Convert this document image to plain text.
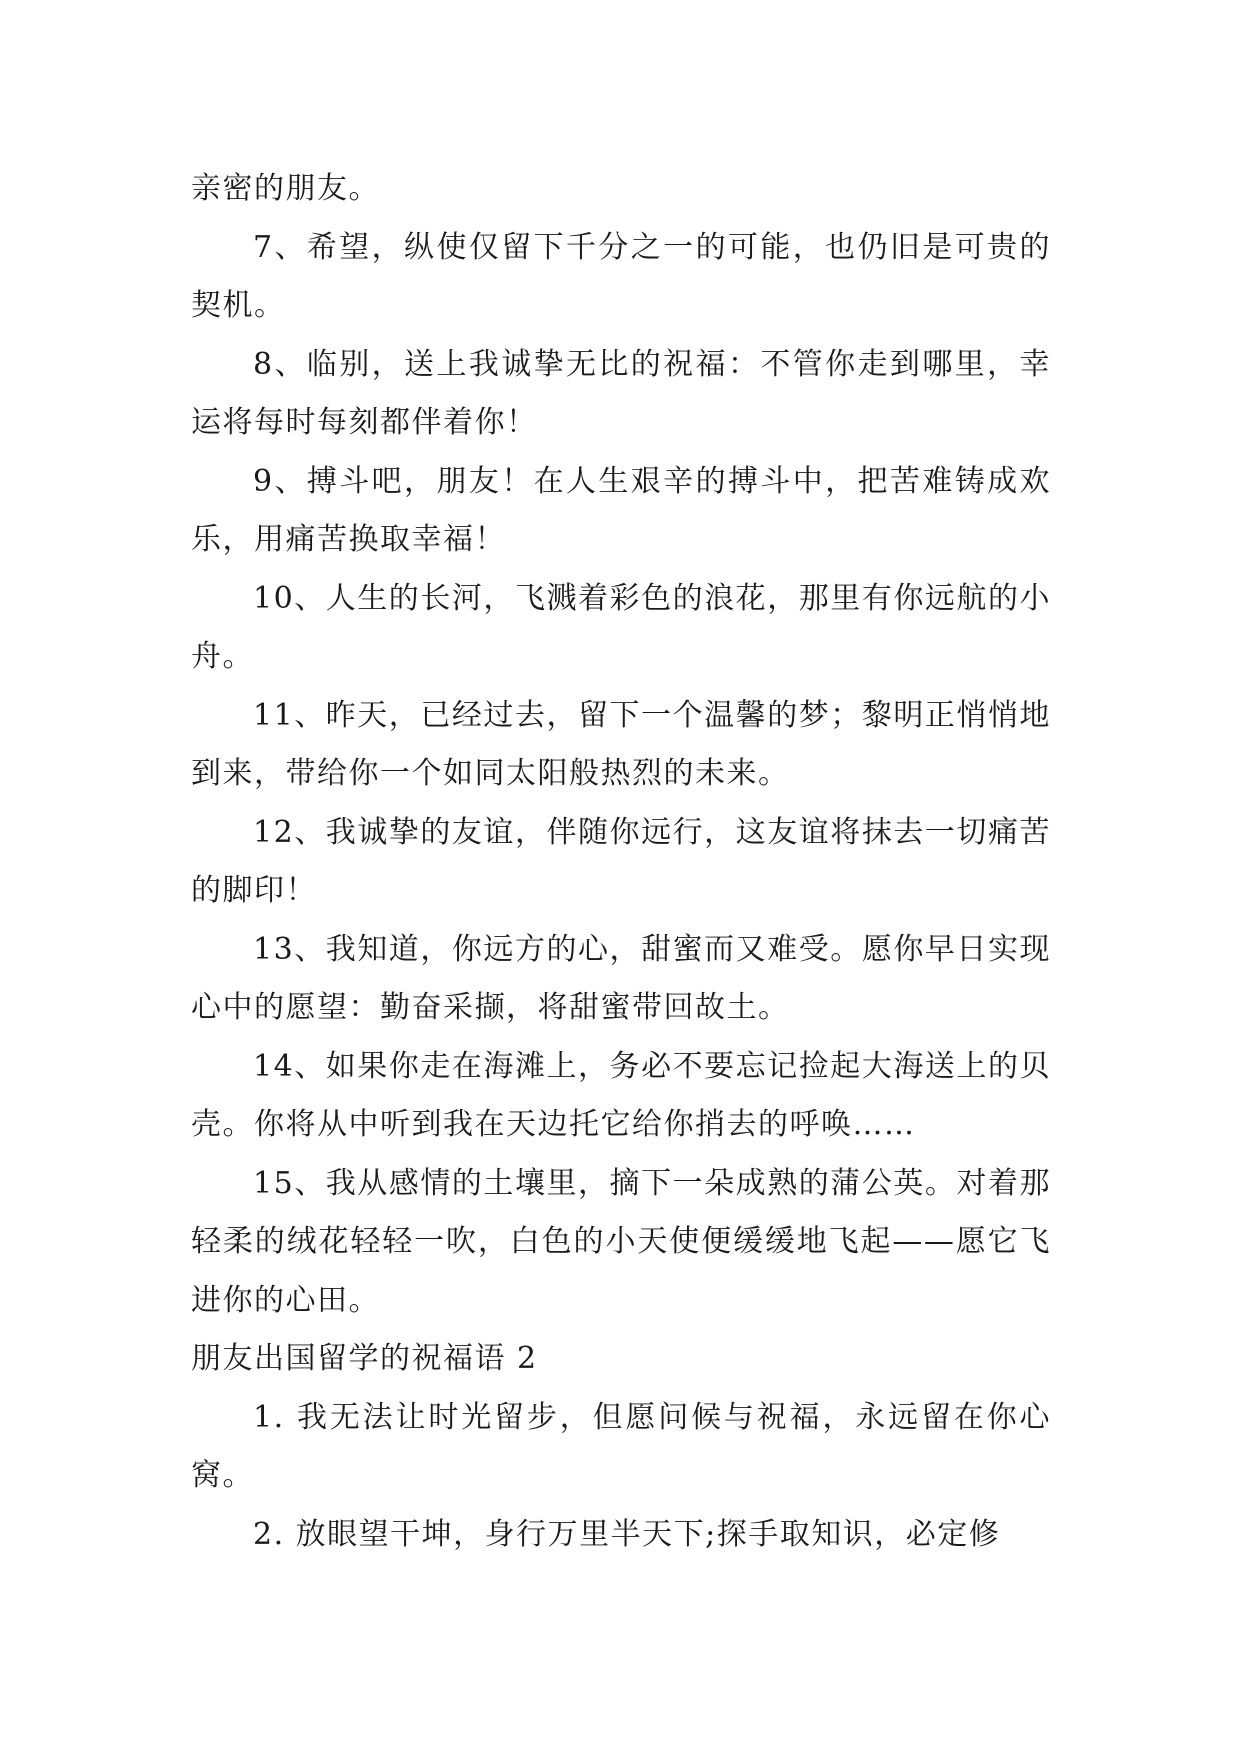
亲密的朋友。

7、希望，纵使仅留下千分之一的可能，也仍旧是可贵的契机。

8、临别，送上我诚挚无比的祝福：不管你走到哪里，幸运将每时每刻都伴着你！

9、搏斗吧，朋友！在人生艰辛的搏斗中，把苦难铸成欢乐，用痛苦换取幸福！

10、人生的长河，飞溅着彩色的浪花，那里有你远航的小舟。

11、昨天，已经过去，留下一个温馨的梦；黎明正悄悄地到来，带给你一个如同太阳般热烈的未来。

12、我诚挚的友谊，伴随你远行，这友谊将抹去一切痛苦的脚印！

13、我知道，你远方的心，甜蜜而又难受。愿你早日实现心中的愿望：勤奋采撷，将甜蜜带回故土。

14、如果你走在海滩上，务必不要忘记捡起大海送上的贝壳。你将从中听到我在天边托它给你捎去的呼唤……

15、我从感情的土壤里，摘下一朵成熟的蒲公英。对着那轻柔的绒花轻轻一吹，白色的小天使便缓缓地飞起——愿它飞进你的心田。

朋友出国留学的祝福语 2

1. 我无法让时光留步，但愿问候与祝福，永远留在你心窝。

2. 放眼望干坤，身行万里半天下;探手取知识，必定修
